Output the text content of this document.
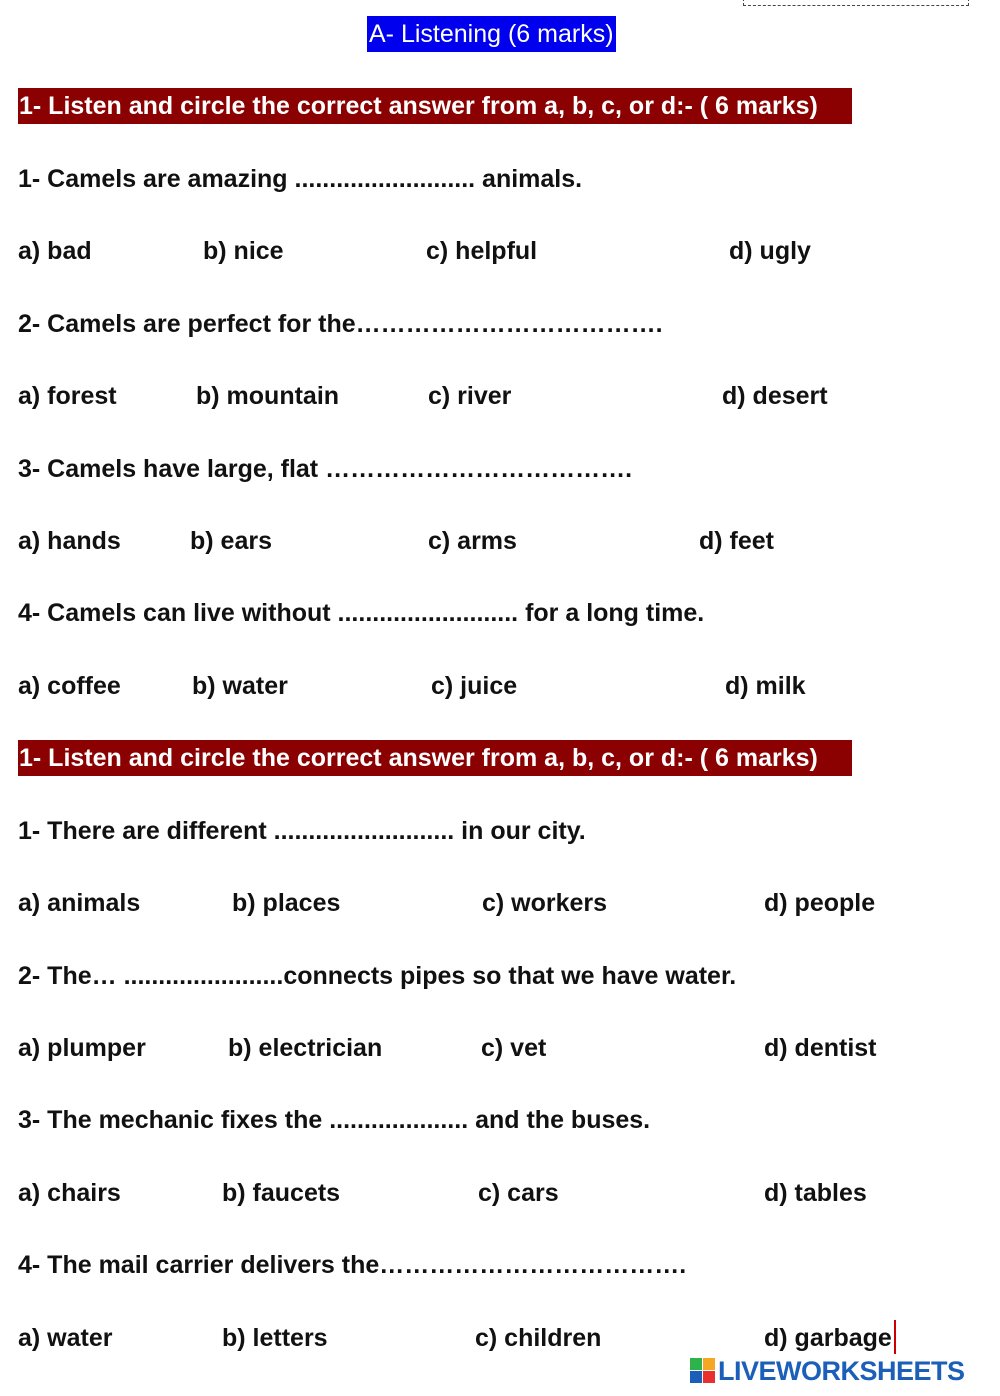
A- Listening (6 marks)
1- Listen and circle the correct answer from a, b, c, or d:- ( 6 marks)
1- Camels are amazing .......................... animals.
a) bad	b) nice	c) helpful	d) ugly
2- Camels are perfect for the……………………………….
a) forest	b) mountain	c) river	d) desert
3- Camels have large, flat ……………………………….
a) hands	b) ears	c) arms	d) feet
4- Camels can live without .......................... for a long time.
a) coffee	b) water	c) juice	d) milk
1- Listen and circle the correct answer from a, b, c, or d:- ( 6 marks)
1- There are different .......................... in our city.
a) animals	b) places	c) workers	d) people
2- The… .......................connects pipes so that we have water.
a) plumper	b) electrician	c) vet	d) dentist
3- The mechanic fixes the .................... and the buses.
a) chairs	b) faucets	c) cars	d) tables
4- The mail carrier delivers the……………………………….
a) water	b) letters	c) children	d) garbage
LIVEWORKSHEETS
